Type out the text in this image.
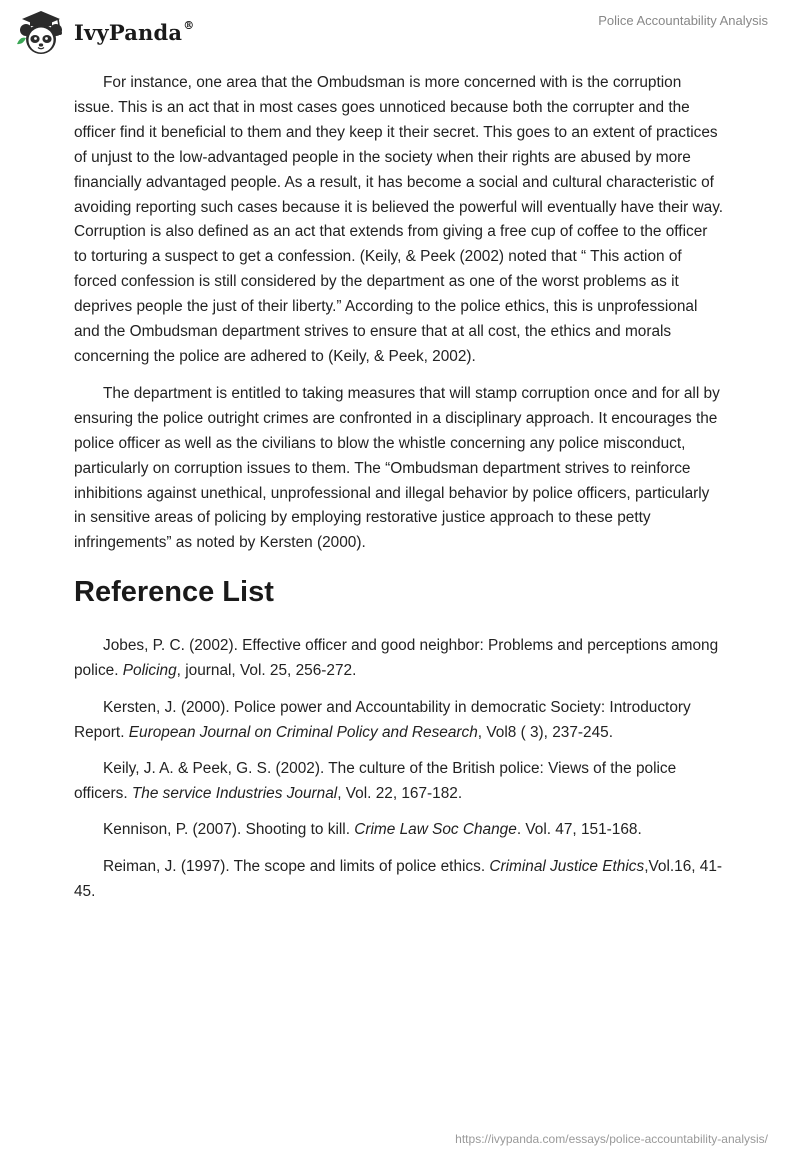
IvyPanda®	Police Accountability Analysis

For instance, one area that the Ombudsman is more concerned with is the corruption issue. This is an act that in most cases goes unnoticed because both the corrupter and the officer find it beneficial to them and they keep it their secret. This goes to an extent of practices of unjust to the low-advantaged people in the society when their rights are abused by more financially advantaged people. As a result, it has become a social and cultural characteristic of avoiding reporting such cases because it is believed the powerful will eventually have their way. Corruption is also defined as an act that extends from giving a free cup of coffee to the officer to torturing a suspect to get a confession. (Keily, & Peek (2002) noted that “ This action of forced confession is still considered by the department as one of the worst problems as it deprives people the just of their liberty.” According to the police ethics, this is unprofessional and the Ombudsman department strives to ensure that at all cost, the ethics and morals concerning the police are adhered to (Keily, & Peek, 2002).

The department is entitled to taking measures that will stamp corruption once and for all by ensuring the police outright crimes are confronted in a disciplinary approach. It encourages the police officer as well as the civilians to blow the whistle concerning any police misconduct, particularly on corruption issues to them. The “Ombudsman department strives to reinforce inhibitions against unethical, unprofessional and illegal behavior by police officers, particularly in sensitive areas of policing by employing restorative justice approach to these petty infringements” as noted by Kersten (2000).

Reference List

Jobes, P. C. (2002). Effective officer and good neighbor: Problems and perceptions among police. Policing, journal, Vol. 25, 256-272.

Kersten, J. (2000). Police power and Accountability in democratic Society: Introductory Report. European Journal on Criminal Policy and Research, Vol8 ( 3), 237-245.

Keily, J. A. & Peek, G. S. (2002). The culture of the British police: Views of the police officers. The service Industries Journal, Vol. 22, 167-182.

Kennison, P. (2007). Shooting to kill. Crime Law Soc Change. Vol. 47, 151-168.

Reiman, J. (1997). The scope and limits of police ethics. Criminal Justice Ethics,Vol.16, 41-45.

https://ivypanda.com/essays/police-accountability-analysis/
